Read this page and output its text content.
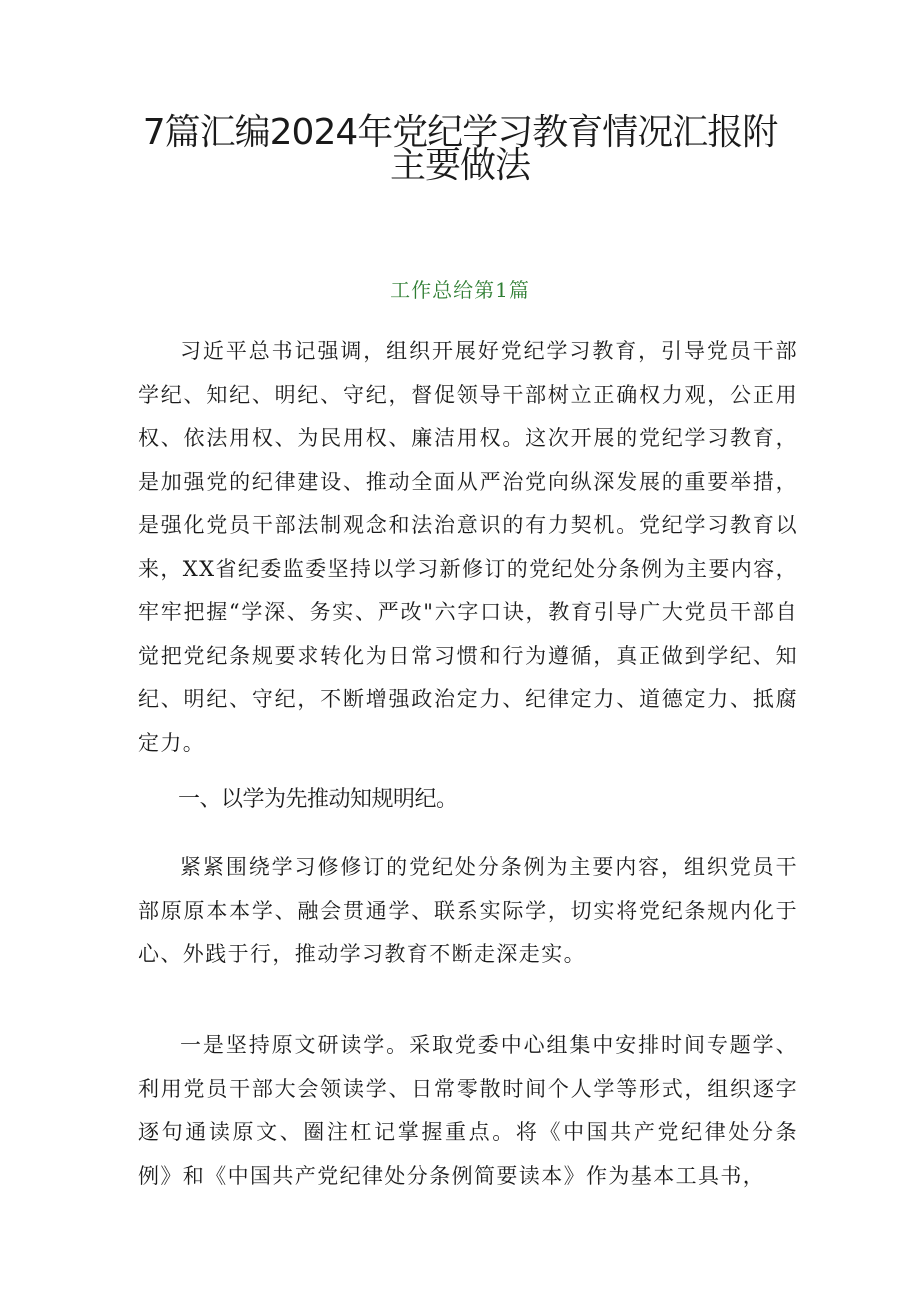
7篇汇编2024年党纪学习教育情况汇报附
主要做法
工作总给第1篇

习近平总书记强调，组织开展好党纪学习教育，引导党员干部学纪、知纪、明纪、守纪，督促领导干部树立正确权力观，公正用权、依法用权、为民用权、廉洁用权。这次开展的党纪学习教育，是加强党的纪律建设、推动全面从严治党向纵深发展的重要举措，是强化党员干部法制观念和法治意识的有力契机。党纪学习教育以来，XX省纪委监委坚持以学习新修订的党纪处分条例为主要内容，牢牢把握“学深、务实、严改"六字口诀，教育引导广大党员干部自觉把党纪条规要求转化为日常习惯和行为遵循，真正做到学纪、知纪、明纪、守纪，不断增强政治定力、纪律定力、道德定力、抵腐定力。

一、以学为先推动知规明纪。

紧紧围绕学习修修订的党纪处分条例为主要内容，组织党员干部原原本本学、融会贯通学、联系实际学，切实将党纪条规内化于心、外践于行，推动学习教育不断走深走实。

一是坚持原文研读学。采取党委中心组集中安排时间专题学、利用党员干部大会领读学、日常零散时间个人学等形式，组织逐字逐句通读原文、圈注杠记掌握重点。将《中国共产党纪律处分条例》和《中国共产党纪律处分条例简要读本》作为基本工具书，
